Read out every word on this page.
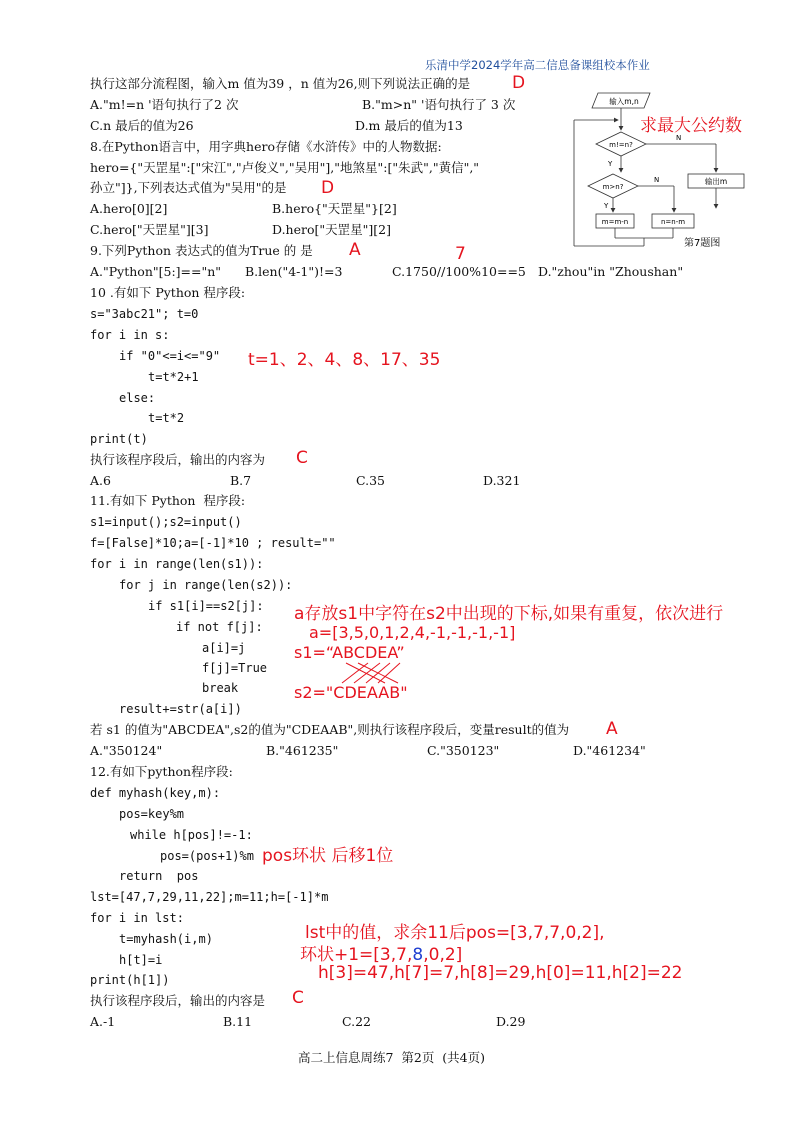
乐清中学2024学年高二信息备课组校本作业
执行这部分流程图，输入m 值为39 ，n 值为26,则下列说法正确的是 D
A."m!=n '语句执行了2 次	B."m>n" '语句执行了 3 次
C.n 最后的值为26	D.m 最后的值为13
输入m,n
m!=n?
m>n?
m=m-n	n=n-m
输出m
N
Y
N
Y
第7题图
求最大公约数
8.在Python语言中，用字典hero存储《水浒传》中的人物数据:
hero={"天罡星":["宋江","卢俊义","吴用"],"地煞星":["朱武","黄信","
孙立"]},下列表达式值为"吴用"的是 D
A.hero[0][2]	B.hero{"天罡星"}[2]
C.hero["天罡星"][3]	D.hero["天罡星"][2]
9.下列Python 表达式的值为True 的 是 A	7
A."Python"[5:]=="n" B.len("4-1")!=3	C.1750//100%10==5 D."zhou"in "Zhoushan"
10 .有如下 Python 程序段:
s="3abc21"; t=0
for i in s:
if "0"<=i<="9" t=1、2、4、8、17、35
t=t*2+1
else:
t=t*2
print(t)
执行该程序段后，输出的内容为 C
A.6	B.7	C.35	D.321
11.有如下 Python  程序段:
s1=input();s2=input()
f=[False]*10;a=[-1]*10 ; result=""
for i in range(len(s1)):
for j in range(len(s2)):
if s1[i]==s2[j]: a存放s1中字符在s2中出现的下标,如果有重复，依次进行
if not f[j]:	a=[3,5,0,1,2,4,-1,-1,-1,-1]
a[i]=j	s1=“ABCDEA”
f[j]=True
break	s2="CDEAAB"
result+=str(a[i])
若 s1 的值为"ABCDEA",s2的值为"CDEAAB",则执行该程序段后，变量result的值为 A
A."350124"	B."461235"	C."350123"	D."461234"
12.有如下python程序段:
def myhash(key,m):
pos=key%m
while h[pos]!=-1:
pos=(pos+1)%m pos环状 后移1位
return  pos
lst=[47,7,29,11,22];m=11;h=[-1]*m
for i in lst:
lst中的值，求余11后pos=[3,7,7,0,2],
t=myhash(i,m)
环状+1=[3,7,8,0,2]
h[t]=i
h[3]=47,h[7]=7,h[8]=29,h[0]=11,h[2]=22
print(h[1])
执行该程序段后，输出的内容是 C
A.-1	B.11	C.22	D.29
高二上信息周练7  第2页  (共4页)
